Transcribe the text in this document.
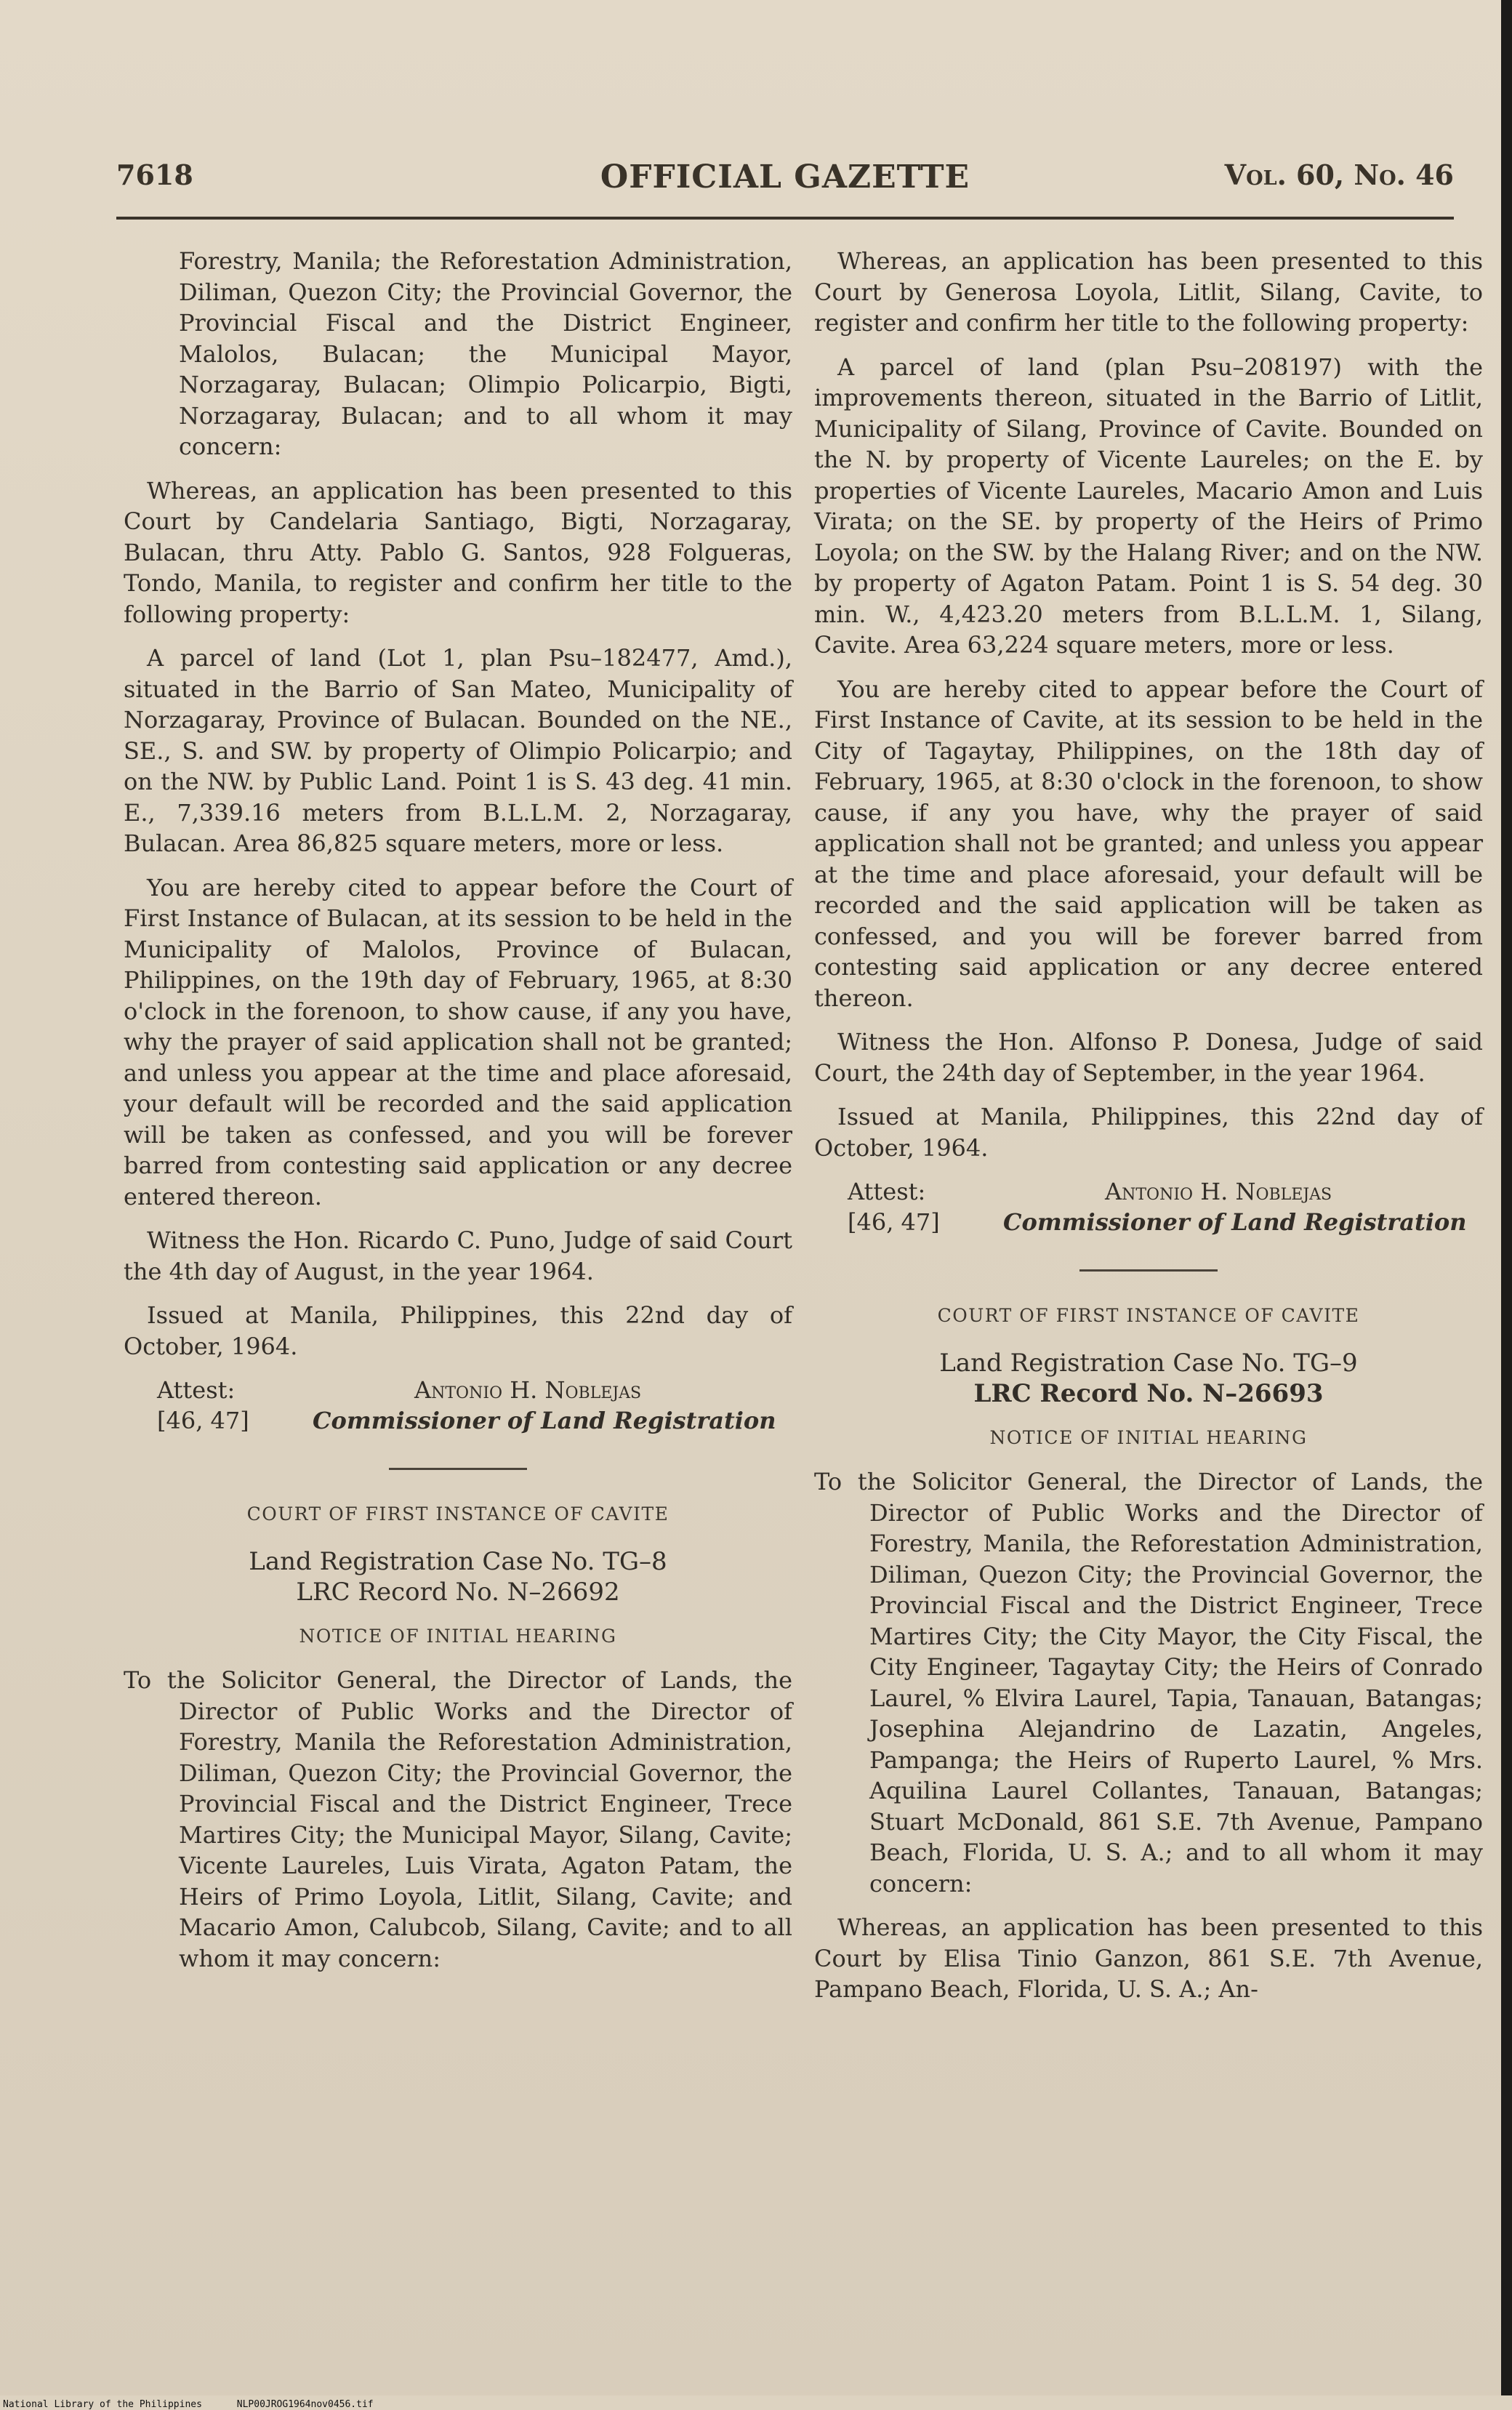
7618	OFFICIAL GAZETTE	Vol. 60, No. 46

Forestry, Manila; the Reforestation Administration, Diliman, Quezon City; the Provincial Governor, the Provincial Fiscal and the District Engineer, Malolos, Bulacan; the Municipal Mayor, Norzagaray, Bulacan; Olimpio Policarpio, Bigti, Norzagaray, Bulacan; and to all whom it may concern:

Whereas, an application has been presented to this Court by Candelaria Santiago, Bigti, Norzagaray, Bulacan, thru Atty. Pablo G. Santos, 928 Folgueras, Tondo, Manila, to register and confirm her title to the following property:

A parcel of land (Lot 1, plan Psu–182477, Amd.), situated in the Barrio of San Mateo, Municipality of Norzagaray, Province of Bulacan. Bounded on the NE., SE., S. and SW. by property of Olimpio Policarpio; and on the NW. by Public Land. Point 1 is S. 43 deg. 41 min. E., 7,339.16 meters from B.L.L.M. 2, Norzagaray, Bulacan. Area 86,825 square meters, more or less.

You are hereby cited to appear before the Court of First Instance of Bulacan, at its session to be held in the Municipality of Malolos, Province of Bulacan, Philippines, on the 19th day of February, 1965, at 8:30 o'clock in the forenoon, to show cause, if any you have, why the prayer of said application shall not be granted; and unless you appear at the time and place aforesaid, your default will be recorded and the said application will be taken as confessed, and you will be forever barred from contesting said application or any decree entered thereon.

Witness the Hon. Ricardo C. Puno, Judge of said Court the 4th day of August, in the year 1964.

Issued at Manila, Philippines, this 22nd day of October, 1964.

Attest:	Antonio H. Noblejas
[46, 47]	Commissioner of Land Registration
COURT OF FIRST INSTANCE OF CAVITE
Land Registration Case No. TG–8
LRC Record No. N–26692
NOTICE OF INITIAL HEARING

To the Solicitor General, the Director of Lands, the Director of Public Works and the Director of Forestry, Manila the Reforestation Administration, Diliman, Quezon City; the Provincial Governor, the Provincial Fiscal and the District Engineer, Trece Martires City; the Municipal Mayor, Silang, Cavite; Vicente Laureles, Luis Virata, Agaton Patam, the Heirs of Primo Loyola, Litlit, Silang, Cavite; and Macario Amon, Calubcob, Silang, Cavite; and to all whom it may concern:

Whereas, an application has been presented to this Court by Generosa Loyola, Litlit, Silang, Cavite, to register and confirm her title to the following property:

A parcel of land (plan Psu–208197) with the improvements thereon, situated in the Barrio of Litlit, Municipality of Silang, Province of Cavite. Bounded on the N. by property of Vicente Laureles; on the E. by properties of Vicente Laureles, Macario Amon and Luis Virata; on the SE. by property of the Heirs of Primo Loyola; on the SW. by the Halang River; and on the NW. by property of Agaton Patam. Point 1 is S. 54 deg. 30 min. W., 4,423.20 meters from B.L.L.M. 1, Silang, Cavite. Area 63,224 square meters, more or less.

You are hereby cited to appear before the Court of First Instance of Cavite, at its session to be held in the City of Tagaytay, Philippines, on the 18th day of February, 1965, at 8:30 o'clock in the forenoon, to show cause, if any you have, why the prayer of said application shall not be granted; and unless you appear at the time and place aforesaid, your default will be recorded and the said application will be taken as confessed, and you will be forever barred from contesting said application or any decree entered thereon.

Witness the Hon. Alfonso P. Donesa, Judge of said Court, the 24th day of September, in the year 1964.

Issued at Manila, Philippines, this 22nd day of October, 1964.

Attest:	Antonio H. Noblejas
[46, 47]	Commissioner of Land Registration
COURT OF FIRST INSTANCE OF CAVITE
Land Registration Case No. TG–9
LRC Record No. N–26693
NOTICE OF INITIAL HEARING

To the Solicitor General, the Director of Lands, the Director of Public Works and the Director of Forestry, Manila, the Reforestation Administration, Diliman, Quezon City; the Provincial Governor, the Provincial Fiscal and the District Engineer, Trece Martires City; the City Mayor, the City Fiscal, the City Engineer, Tagaytay City; the Heirs of Conrado Laurel, % Elvira Laurel, Tapia, Tanauan, Batangas; Josephina Alejandrino de Lazatin, Angeles, Pampanga; the Heirs of Ruperto Laurel, % Mrs. Aquilina Laurel Collantes, Tanauan, Batangas; Stuart McDonald, 861 S.E. 7th Avenue, Pampano Beach, Florida, U. S. A.; and to all whom it may concern:

Whereas, an application has been presented to this Court by Elisa Tinio Ganzon, 861 S.E. 7th Avenue, Pampano Beach, Florida, U. S. A.; An-

National Library of the Philippines	NLP00JROG1964nov0456.tif
